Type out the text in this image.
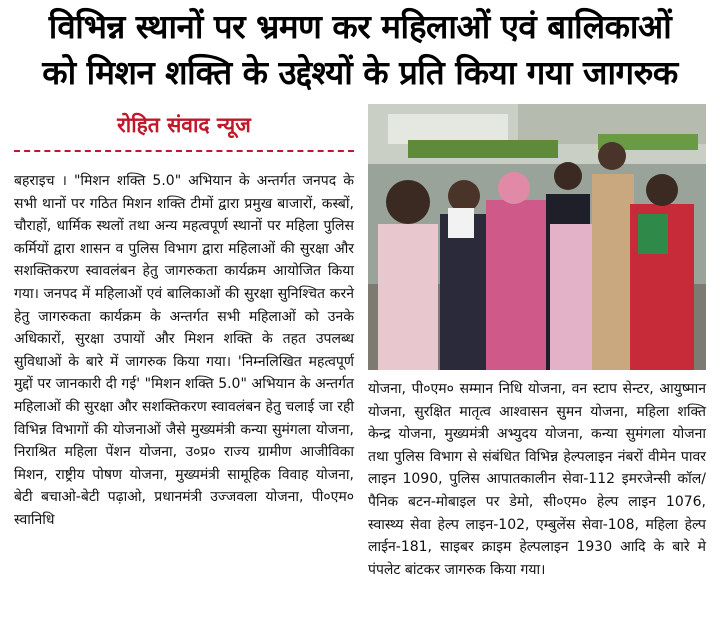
विभिन्न स्थानों पर भ्रमण कर महिलाओं एवं बालिकाओं
को मिशन शक्ति के उद्देश्यों के प्रति किया गया जागरुक
रोहित संवाद न्यूज
बहराइच । "मिशन शक्ति 5.0" अभियान के अन्तर्गत जनपद के सभी थानों पर गठित मिशन शक्ति टीमों द्वारा प्रमुख बाजारों, कस्बों, चौराहों, धार्मिक स्थलों तथा अन्य महत्वपूर्ण स्थानों पर महिला पुलिस कर्मियों द्वारा शासन व पुलिस विभाग द्वारा महिलाओं की सुरक्षा और सशक्तिकरण स्वावलंबन हेतु जागरुकता कार्यक्रम आयोजित किया गया। जनपद में महिलाओं एवं बालिकाओं की सुरक्षा सुनिश्चित करने हेतु जागरुकता कार्यक्रम के अन्तर्गत सभी महिलाओं को उनके अधिकारों, सुरक्षा उपायों और मिशन शक्ति के तहत उपलब्ध सुविधाओं के बारे में जागरुक किया गया। 'निम्नलिखित महत्वपूर्ण मुद्दों पर जानकारी दी गई' "मिशन शक्ति 5.0" अभियान के अन्तर्गत महिलाओं की सुरक्षा और सशक्तिकरण स्वावलंबन हेतु चलाई जा रही विभिन्न विभागों की योजनाओं जैसे मुख्यमंत्री कन्या सुमंगला योजना, निराश्रित महिला पेंशन योजना, उ०प्र० राज्य ग्रामीण आजीविका मिशन, राष्ट्रीय पोषण योजना, मुख्यमंत्री सामूहिक विवाह योजना, बेटी बचाओ-बेटी पढ़ाओ, प्रधानमंत्री उज्जवला योजना, पी०एम० स्वानिधि
योजना, पी०एम० सम्मान निधि योजना, वन स्टाप सेन्टर, आयुष्मान योजना, सुरक्षित मातृत्व आश्वासन सुमन योजना, महिला शक्ति केन्द्र योजना, मुख्यमंत्री अभ्युदय योजना, कन्या सुमंगला योजना तथा पुलिस विभाग से संबंधित विभिन्न हेल्पलाइन नंबरों वीमेन पावर लाइन 1090, पुलिस आपातकालीन सेवा-112 इमरजेन्सी कॉल/पैनिक बटन-मोबाइल पर डेमो, सी०एम० हेल्प लाइन 1076, स्वास्थ्य सेवा हेल्प लाइन-102, एम्बुलेंस सेवा-108, महिला हेल्प लाईन-181, साइबर क्राइम हेल्पलाइन 1930 आदि के बारे मे पंपलेट बांटकर जागरुक किया गया।
